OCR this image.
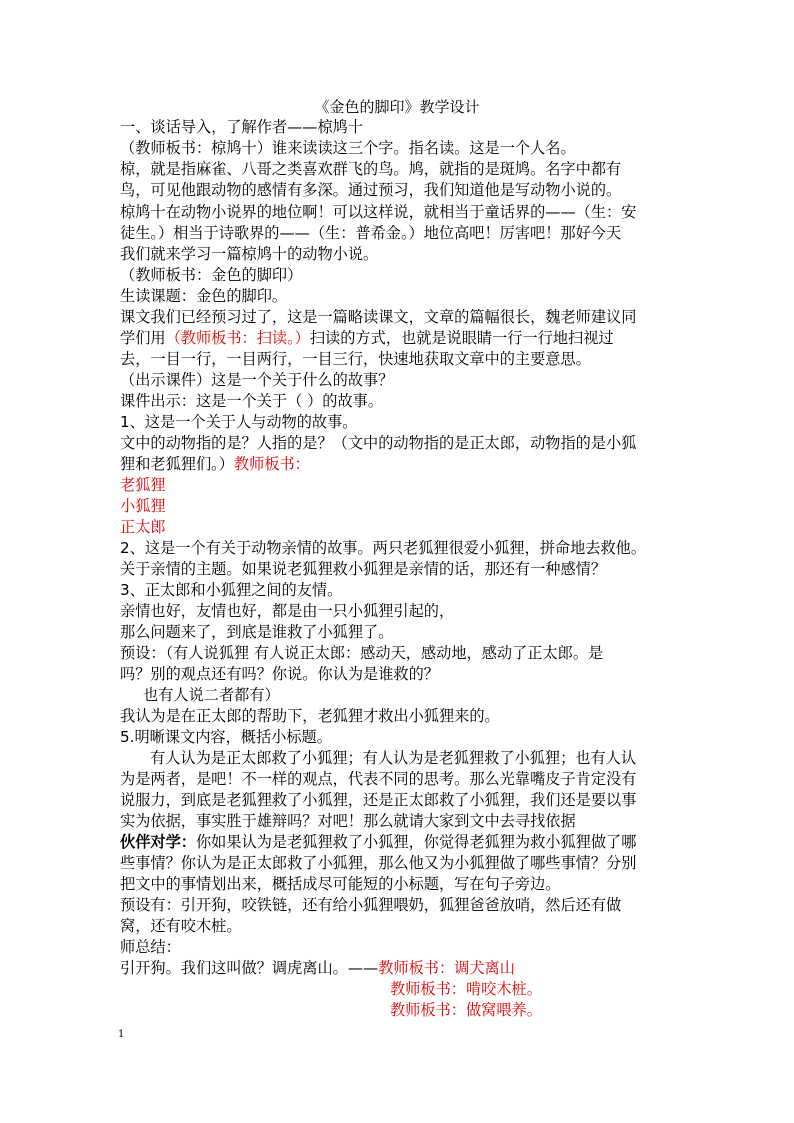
《金色的脚印》教学设计
一、谈话导入，了解作者——椋鸠十
（教师板书：椋鸠十）谁来读读这三个字。指名读。这是一个人名。
椋，就是指麻雀、八哥之类喜欢群飞的鸟。鸠，就指的是斑鸠。名字中都有
鸟，可见他跟动物的感情有多深。通过预习，我们知道他是写动物小说的。
椋鸠十在动物小说界的地位啊！可以这样说，就相当于童话界的——（生：安
徒生。）相当于诗歌界的——（生：普希金。）地位高吧！厉害吧！那好今天
我们就来学习一篇椋鸠十的动物小说。
（教师板书：金色的脚印）
生读课题：金色的脚印。
课文我们已经预习过了，这是一篇略读课文，文章的篇幅很长，魏老师建议同
学们用（教师板书：扫读。）扫读的方式，也就是说眼睛一行一行地扫视过
去，一目一行，一目两行，一目三行，快速地获取文章中的主要意思。
（出示课件）这是一个关于什么的故事？
课件出示：这是一个关于（ ）的故事。
1、这是一个关于人与动物的故事。
文中的动物指的是？人指的是？（文中的动物指的是正太郎，动物指的是小狐
狸和老狐狸们。）教师板书：
老狐狸
小狐狸
正太郎
2、这是一个有关于动物亲情的故事。两只老狐狸很爱小狐狸，拼命地去救他。
关于亲情的主题。如果说老狐狸救小狐狸是亲情的话，那还有一种感情？
3、正太郎和小狐狸之间的友情。
亲情也好，友情也好，都是由一只小狐狸引起的，
那么问题来了，到底是谁救了小狐狸了。
预设：（有人说狐狸 有人说正太郎：感动天，感动地，感动了正太郎。是
吗？别的观点还有吗？你说。你认为是谁救的？
也有人说二者都有）
我认为是在正太郎的帮助下，老狐狸才救出小狐狸来的。
5.明晰课文内容，概括小标题。
有人认为是正太郎救了小狐狸；有人认为是老狐狸救了小狐狸；也有人认
为是两者，是吧！不一样的观点，代表不同的思考。那么光靠嘴皮子肯定没有
说服力，到底是老狐狸救了小狐狸，还是正太郎救了小狐狸，我们还是要以事
实为依据，事实胜于雄辩吗？对吧！那么就请大家到文中去寻找依据
伙伴对学：你如果认为是老狐狸救了小狐狸，你觉得老狐狸为救小狐狸做了哪
些事情？你认为是正太郎救了小狐狸，那么他又为小狐狸做了哪些事情？分别
把文中的事情划出来，概括成尽可能短的小标题，写在句子旁边。
预设有：引开狗，咬铁链，还有给小狐狸喂奶，狐狸爸爸放哨，然后还有做
窝，还有咬木桩。
师总结：
引开狗。我们这叫做？调虎离山。——教师板书：调犬离山
教师板书：啃咬木桩。
教师板书：做窝喂养。
1
